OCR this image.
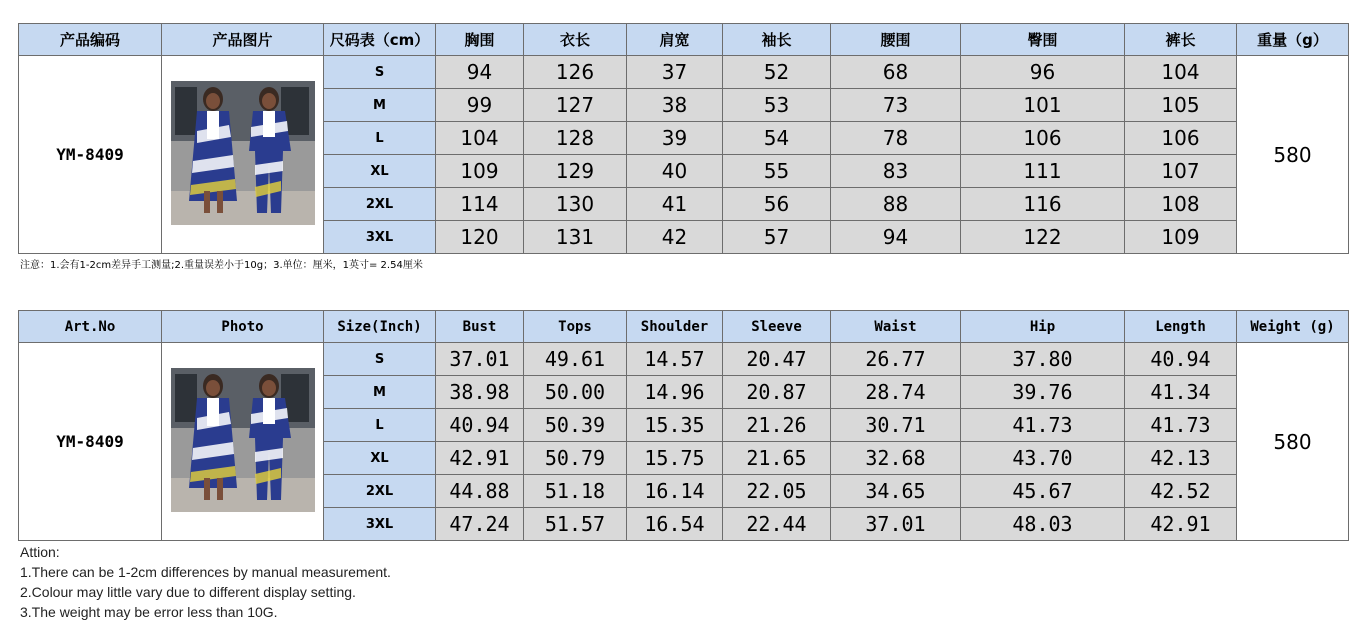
产品编码	产品图片	尺码表（cm）	胸围	衣长	肩宽	袖长	腰围	臀围	裤长	重量（g）
YM-8409		S	94	126	37	52	68	96	104	580
		M	99	127	38	53	73	101	105	
		L	104	128	39	54	78	106	106	
		XL	109	129	40	55	83	111	107	
		2XL	114	130	41	56	88	116	108	
		3XL	120	131	42	57	94	122	109	
注意：1.会有1-2cm差异手工测量;2.重量误差小于10g；3.单位：厘米，1英寸= 2.54厘米
Art.No	Photo	Size(Inch)	Bust	Tops	Shoulder	Sleeve	Waist	Hip	Length	Weight (g)
YM-8409		S	37.01	49.61	14.57	20.47	26.77	37.80	40.94	580
		M	38.98	50.00	14.96	20.87	28.74	39.76	41.34	
		L	40.94	50.39	15.35	21.26	30.71	41.73	41.73	
		XL	42.91	50.79	15.75	21.65	32.68	43.70	42.13	
		2XL	44.88	51.18	16.14	22.05	34.65	45.67	42.52	
		3XL	47.24	51.57	16.54	22.44	37.01	48.03	42.91	
Attion:
1.There can be 1-2cm differences by manual measurement.
2.Colour may little vary due to different display setting.
3.The weight may be error less than 10G.
